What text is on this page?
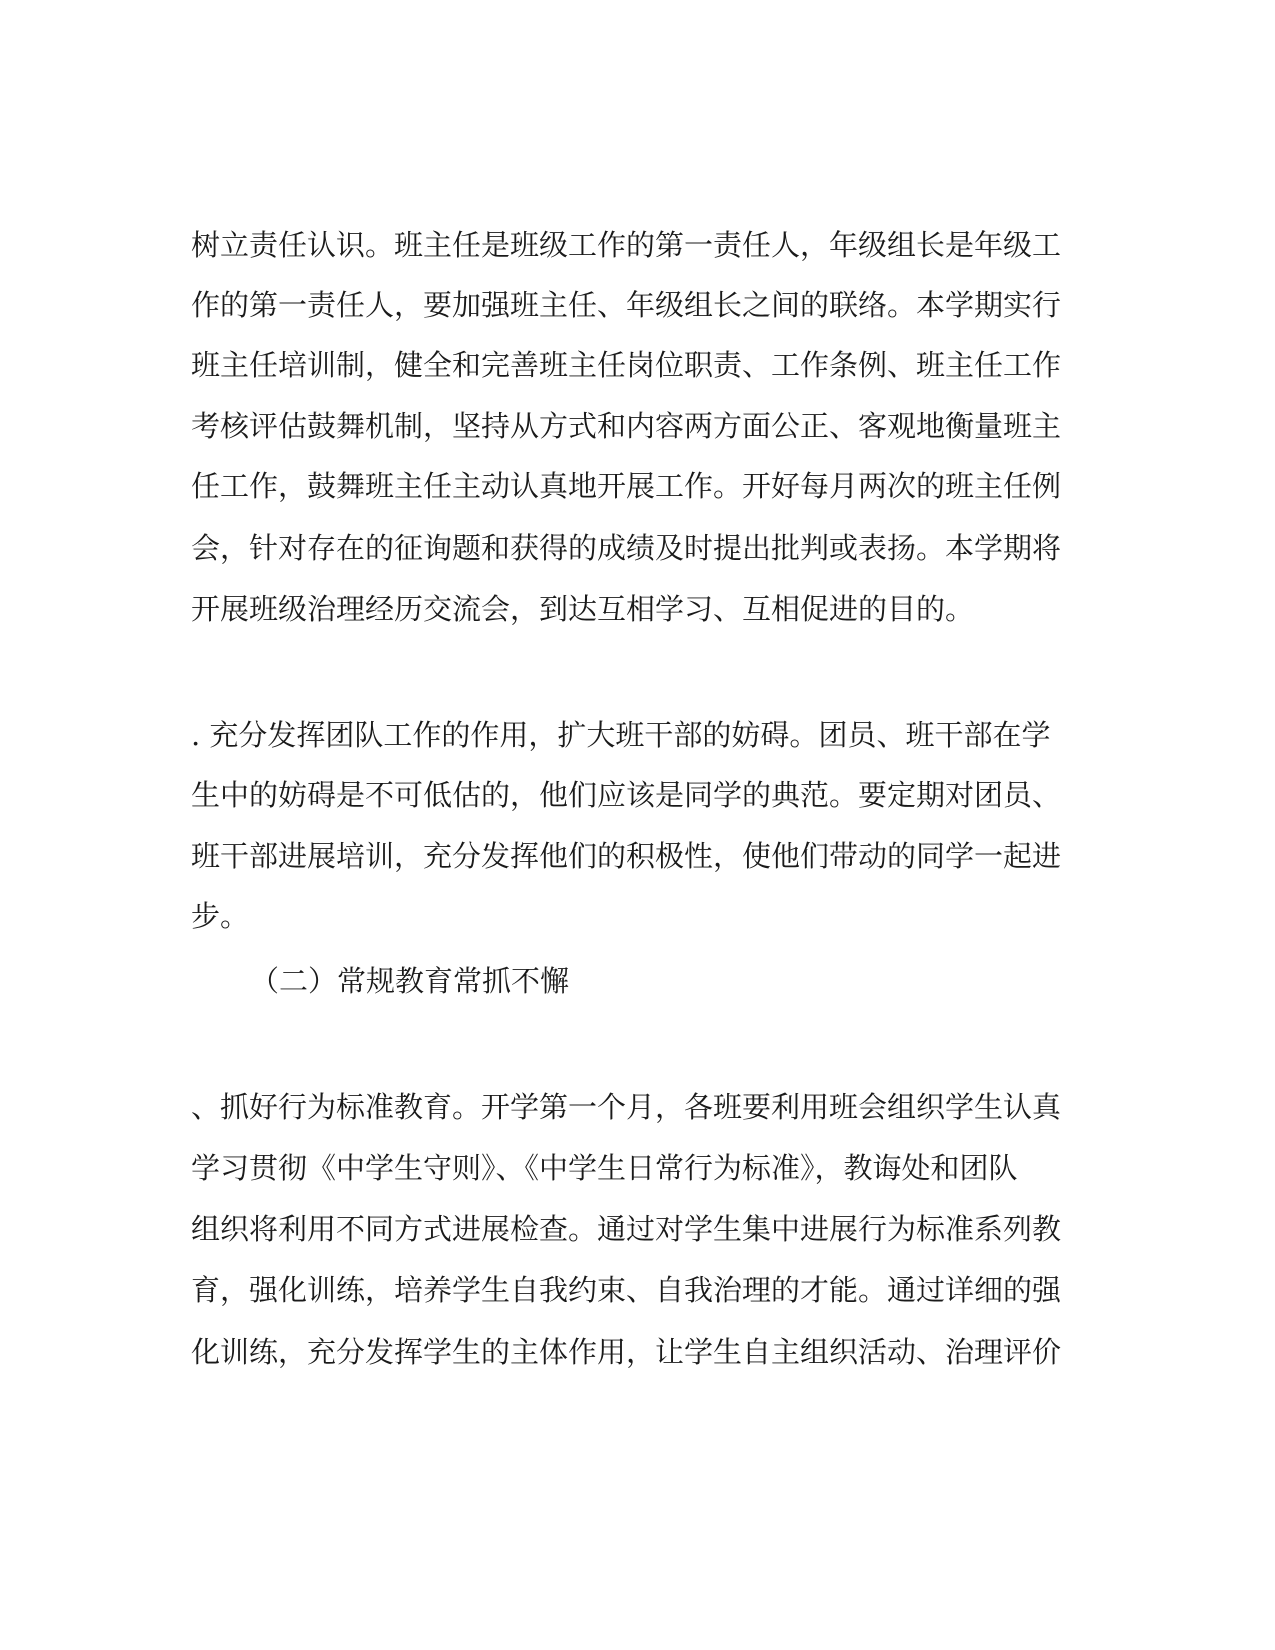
树立责任认识。班主任是班级工作的第一责任人，年级组长是年级工

作的第一责任人，要加强班主任、年级组长之间的联络。本学期实行

班主任培训制，健全和完善班主任岗位职责、工作条例、班主任工作

考核评估鼓舞机制，坚持从方式和内容两方面公正、客观地衡量班主

任工作，鼓舞班主任主动认真地开展工作。开好每月两次的班主任例

会，针对存在的征询题和获得的成绩及时提出批判或表扬。本学期将

开展班级治理经历交流会，到达互相学习、互相促进的目的。

. 充分发挥团队工作的作用，扩大班干部的妨碍。团员、班干部在学

生中的妨碍是不可低估的，他们应该是同学的典范。要定期对团员、

班干部进展培训，充分发挥他们的积极性，使他们带动的同学一起进

步。

（二）常规教育常抓不懈

、抓好行为标准教育。开学第一个月，各班要利用班会组织学生认真

学习贯彻《中学生守则》、《中学生日常行为标准》，教诲处和团队

组织将利用不同方式进展检查。通过对学生集中进展行为标准系列教

育，强化训练，培养学生自我约束、自我治理的才能。通过详细的强

化训练，充分发挥学生的主体作用，让学生自主组织活动、治理评价
